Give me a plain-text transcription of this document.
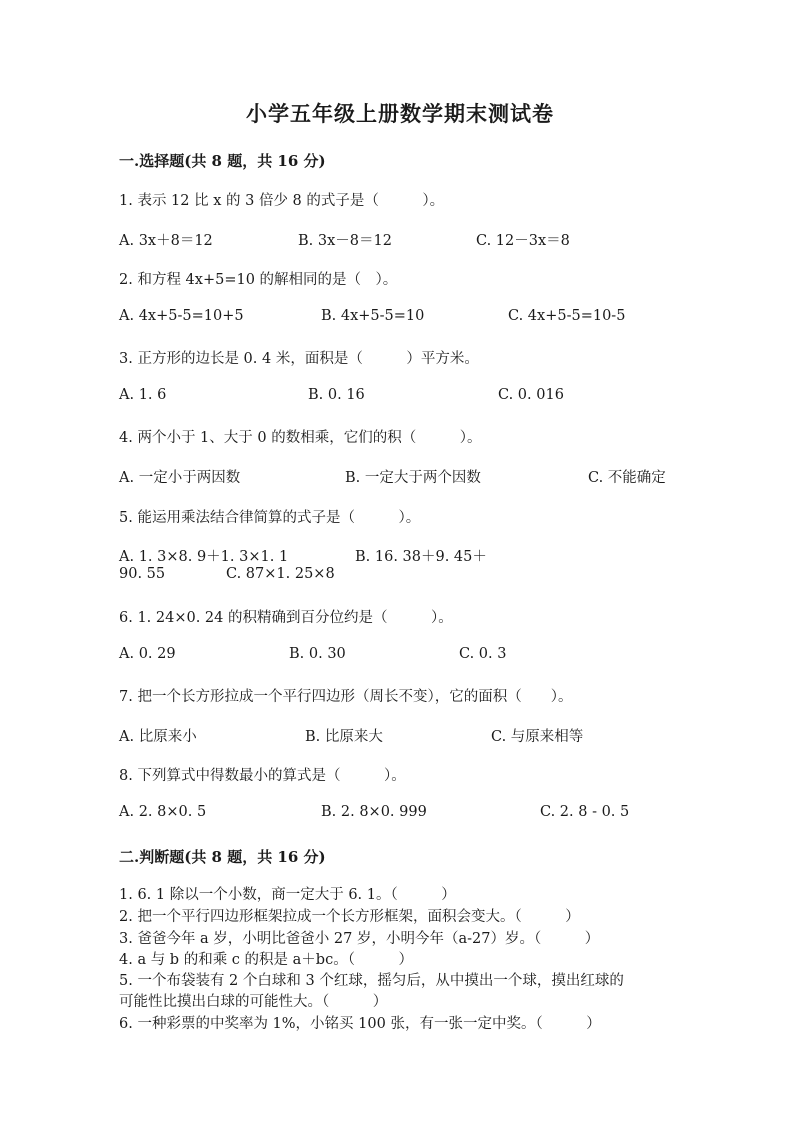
小学五年级上册数学期末测试卷
一.选择题(共 8 题，共 16 分)
1. 表示 12 比 x 的 3 倍少 8 的式子是（　　　）。
A. 3x＋8＝12	B. 3x－8＝12	C. 12－3x＝8
2. 和方程 4x+5=10 的解相同的是（　）。
A. 4x+5-5=10+5	B. 4x+5-5=10	C. 4x+5-5=10-5
3. 正方形的边长是 0. 4 米，面积是（　　　）平方米。
A. 1. 6	B. 0. 16	C. 0. 016
4. 两个小于 1、大于 0 的数相乘，它们的积（　　　）。
A. 一定小于两因数	B. 一定大于两个因数	C. 不能确定
5. 能运用乘法结合律简算的式子是（　　　）。
A. 1. 3×8. 9＋1. 3×1. 1	B. 16. 38＋9. 45＋
90. 55	C. 87×1. 25×8
6. 1. 24×0. 24 的积精确到百分位约是（　　　）。
A. 0. 29	B. 0. 30	C. 0. 3
7. 把一个长方形拉成一个平行四边形（周长不变），它的面积（　　）。
A. 比原来小	B. 比原来大	C. 与原来相等
8. 下列算式中得数最小的算式是（　　　）。
A. 2. 8×0. 5	B. 2. 8×0. 999	C. 2. 8 - 0. 5
二.判断题(共 8 题，共 16 分)
1. 6. 1 除以一个小数，商一定大于 6. 1。（　　　）
2. 把一个平行四边形框架拉成一个长方形框架，面积会变大。（　　　）
3. 爸爸今年 a 岁，小明比爸爸小 27 岁，小明今年（a-27）岁。（　　　）
4. a 与 b 的和乘 c 的积是 a＋bc。（　　　）
5. 一个布袋装有 2 个白球和 3 个红球，摇匀后，从中摸出一个球，摸出红球的
可能性比摸出白球的可能性大。（　　　）
6. 一种彩票的中奖率为 1%，小铭买 100 张，有一张一定中奖。（　　　）
